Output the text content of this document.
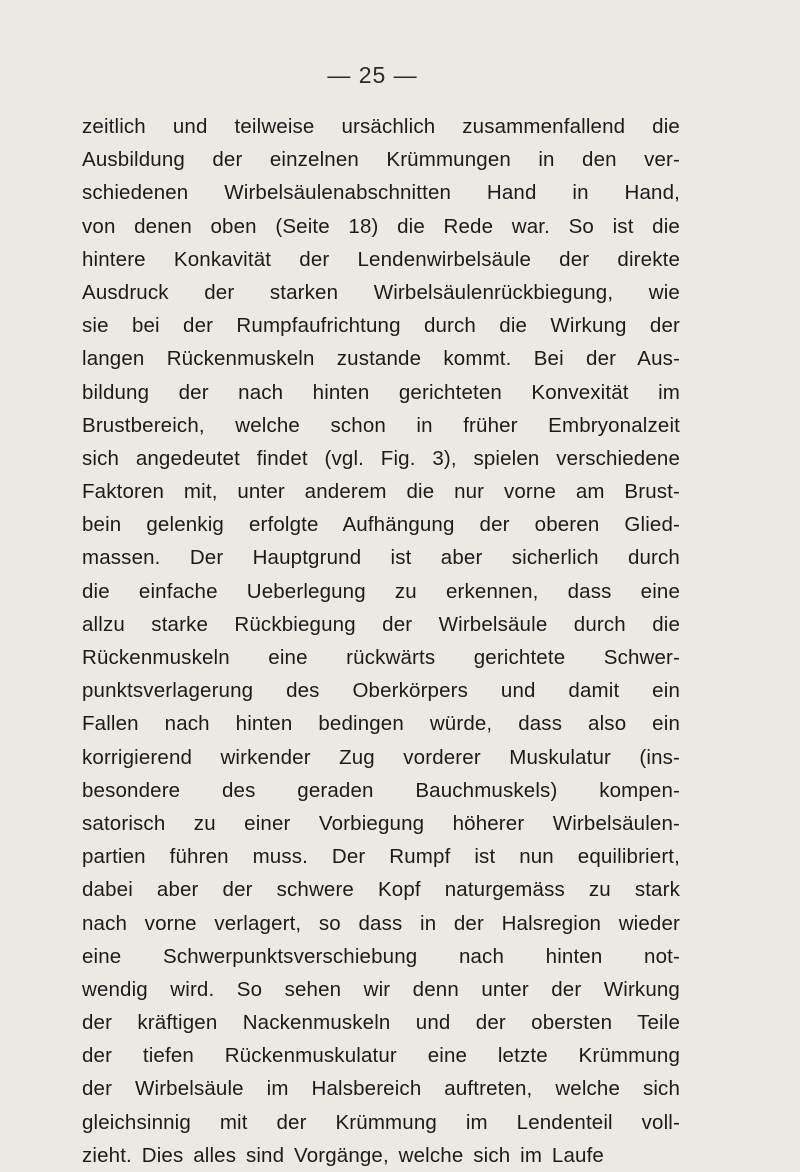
— 25 —
zeitlich und teilweise ursächlich zusammenfallend die
Ausbildung der einzelnen Krümmungen in den ver-
schiedenen Wirbelsäulenabschnitten Hand in Hand,
von denen oben (Seite 18) die Rede war. So ist die
hintere Konkavität der Lendenwirbelsäule der direkte
Ausdruck der starken Wirbelsäulenrückbiegung, wie
sie bei der Rumpfaufrichtung durch die Wirkung der
langen Rückenmuskeln zustande kommt. Bei der Aus-
bildung der nach hinten gerichteten Konvexität im
Brustbereich, welche schon in früher Embryonalzeit
sich angedeutet findet (vgl. Fig. 3), spielen verschiedene
Faktoren mit, unter anderem die nur vorne am Brust-
bein gelenkig erfolgte Aufhängung der oberen Glied-
massen. Der Hauptgrund ist aber sicherlich durch
die einfache Ueberlegung zu erkennen, dass eine
allzu starke Rückbiegung der Wirbelsäule durch die
Rückenmuskeln eine rückwärts gerichtete Schwer-
punktsverlagerung des Oberkörpers und damit ein
Fallen nach hinten bedingen würde, dass also ein
korrigierend wirkender Zug vorderer Muskulatur (ins-
besondere des geraden Bauchmuskels) kompen-
satorisch zu einer Vorbiegung höherer Wirbelsäulen-
partien führen muss. Der Rumpf ist nun equilibriert,
dabei aber der schwere Kopf naturgemäss zu stark
nach vorne verlagert, so dass in der Halsregion wieder
eine Schwerpunktsverschiebung nach hinten not-
wendig wird. So sehen wir denn unter der Wirkung
der kräftigen Nackenmuskeln und der obersten Teile
der tiefen Rückenmuskulatur eine letzte Krümmung
der Wirbelsäule im Halsbereich auftreten, welche sich
gleichsinnig mit der Krümmung im Lendenteil voll-
zieht. Dies alles sind Vorgänge, welche sich im Laufe
